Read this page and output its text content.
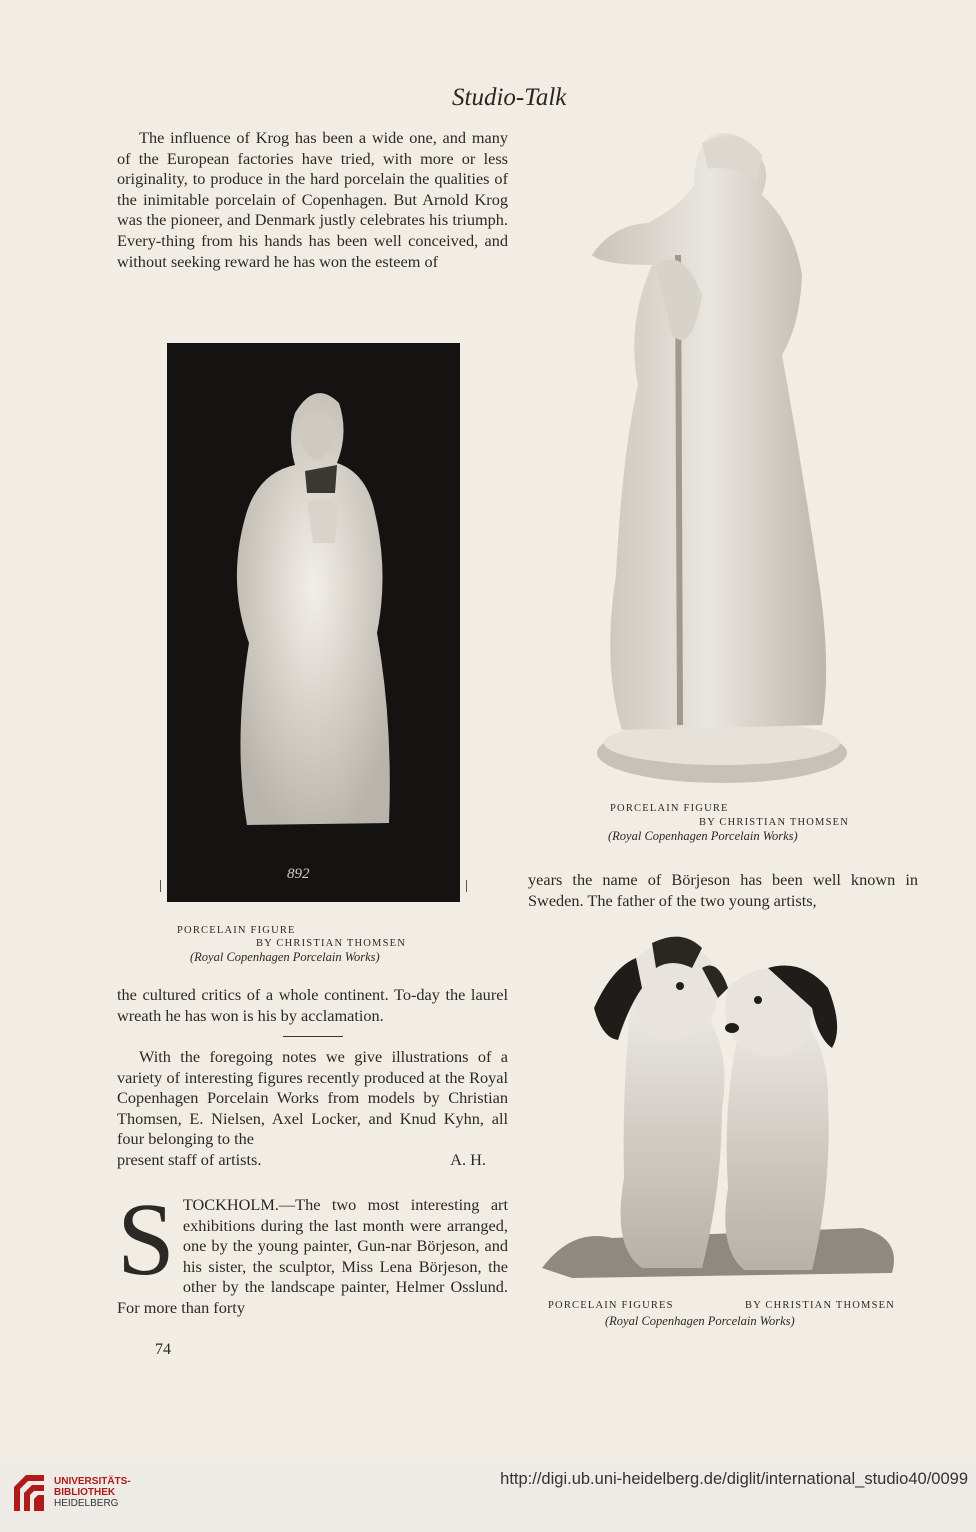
Studio-Talk

The influence of Krog has been a wide one, and many of the European factories have tried, with more or less originality, to produce in the hard porcelain the qualities of the inimitable porcelain of Copenhagen. But Arnold Krog was the pioneer, and Denmark justly celebrates his triumph. Every-thing from his hands has been well conceived, and without seeking reward he has won the esteem of

892
PORCELAIN FIGURE
BY CHRISTIAN THOMSEN
(Royal Copenhagen Porcelain Works)

the cultured critics of a whole continent. To-day the laurel wreath he has won is his by acclamation.

With the foregoing notes we give illustrations of a variety of interesting figures recently produced at the Royal Copenhagen Porcelain Works from models by Christian Thomsen, E. Nielsen, Axel Locker, and Knud Kyhn, all four belonging to the

present staff of artists.	A. H.

STOCKHOLM.—The two most interesting art exhibitions during the last month were arranged, one by the young painter, Gun-nar Börjeson, and his sister, the sculptor, Miss Lena Börjeson, the other by the landscape painter, Helmer Osslund. For more than forty

74
PORCELAIN FIGURE
BY CHRISTIAN THOMSEN
(Royal Copenhagen Porcelain Works)

years the name of Börjeson has been well known in Sweden. The father of the two young artists,

PORCELAIN FIGURES	BY CHRISTIAN THOMSEN
(Royal Copenhagen Porcelain Works)
UNIVERSITÄTS-
BIBLIOTHEK
HEIDELBERG
http://digi.ub.uni-heidelberg.de/diglit/international_studio40/0099
